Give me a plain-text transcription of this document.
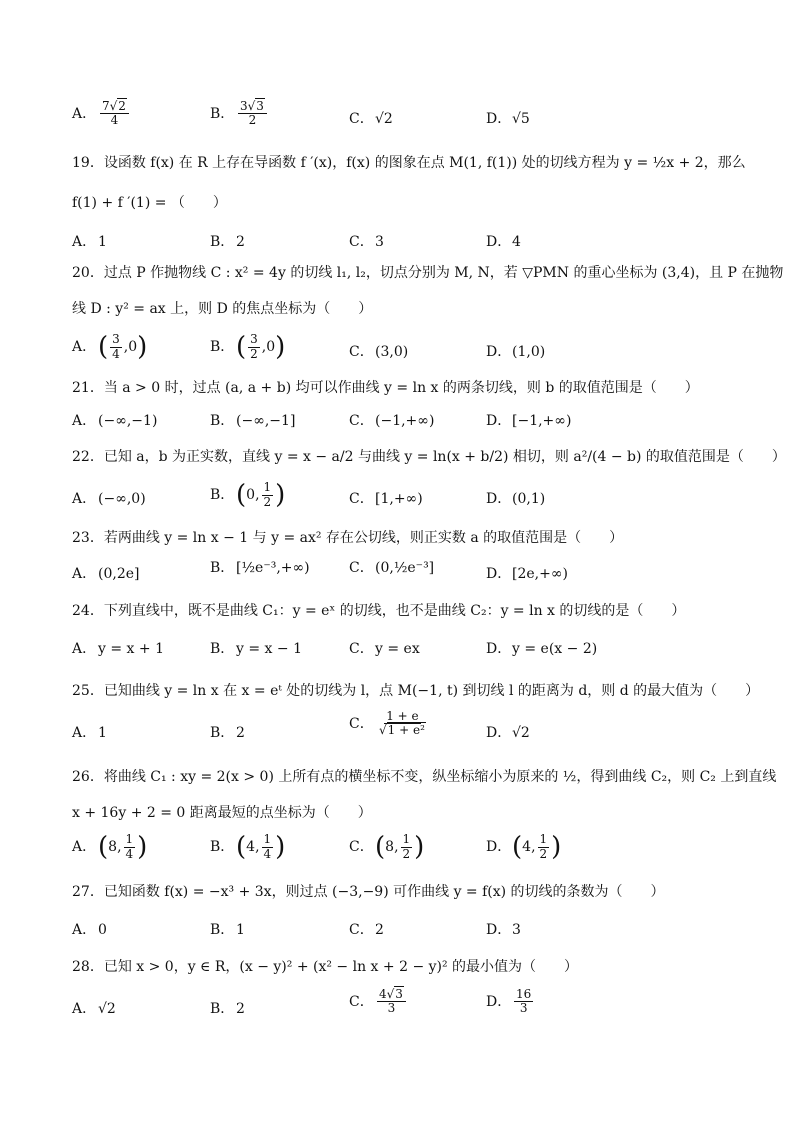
A． $\frac{7√2}{4}$	B． $\frac{3√3}{2}$	C．√2	D．√5
19．设函数 f(x) 在 R 上存在导函数 f ′(x)，f(x) 的图象在点 M(1, f(1)) 处的切线方程为 y = ½x + 2，那么
f(1) + f ′(1) = （　　）
A． 1	B． 2	C．3	D．4
20．过点 P 作抛物线 C : x² = 4y 的切线 l₁, l₂，切点分别为 M, N，若 ▽PMN 的重心坐标为 (3,4)，且 P 在抛物
线 D : y² = ax 上，则 D 的焦点坐标为（　　）
A．( $\frac{3}{4} ,0$)	B．( $\frac{3}{2} ,0$)	C．(3,0)	D．(1,0)
21．当 a > 0 时，过点 (a, a + b) 均可以作曲线 y = ln x 的两条切线，则 b 的取值范围是（　　）
A． (−∞,−1)	B． (−∞,−1]	C．(−1,+∞)	D．[−1,+∞)
22．已知 a，b 为正实数，直线 y = x − a/2 与曲线 y = ln(x + b/2) 相切，则 a²/(4 − b) 的取值范围是（　　）
A． (−∞,0)	B．(0, $\frac{1}{2}$ )	C．[1,+∞)	D．(0,1)
23．若两曲线 y = ln x − 1 与 y = ax² 存在公切线，则正实数 a 的取值范围是（　　）
A． (0,2e]	B． [½e⁻³,+∞)	C．(0,½e⁻³]	D．[2e,+∞)
24．下列直线中，既不是曲线 C₁：y = eˣ 的切线，也不是曲线 C₂：y = ln x 的切线的是（　　）
A． y = x + 1	B． y = x − 1	C．y = ex	D．y = e(x − 2)
25．已知曲线 y = ln x 在 x = eᵗ 处的切线为 l，点 M(−1, t) 到切线 l 的距离为 d，则 d 的最大值为（　　）
A． 1	B． 2
C． $\frac{1 + e}{\text{√1 + e²}}$	D．√2
26．将曲线 C₁ : xy = 2(x > 0) 上所有点的横坐标不变，纵坐标缩小为原来的 ½，得到曲线 C₂，则 C₂ 上到直线
x + 16y + 2 = 0 距离最短的点坐标为（　　）
A．(8, $\frac{1}{4}$ )	B．(4, $\frac{1}{4}$ )	C．(8, $\frac{1}{2}$ )	D．(4, $\frac{1}{2}$ )
27．已知函数 f(x) = −x³ + 3x，则过点 (−3,−9) 可作曲线 y = f(x) 的切线的条数为（　　）
A． 0	B． 1	C．2	D．3
28．已知 x > 0，y ∈ R，(x − y)² + (x² − ln x + 2 − y)² 的最小值为（　　）
A． √2	B． 2	C． $\frac{4√3}{3}$	D． $\frac{16}{3}$
